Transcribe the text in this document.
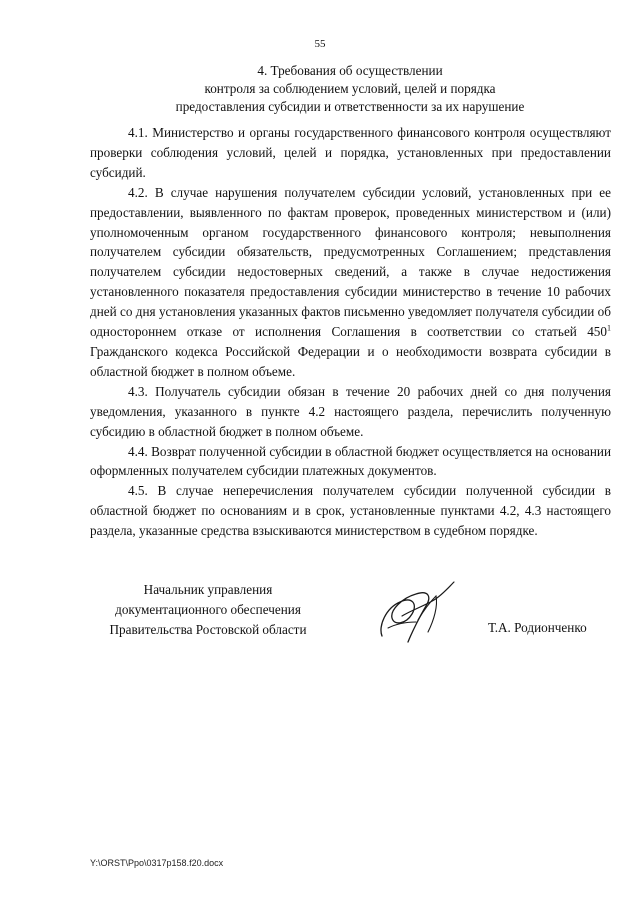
55
4. Требования об осуществлении
контроля за соблюдением условий, целей и порядка
предоставления субсидии и ответственности за их нарушение

4.1. Министерство и органы государственного финансового контроля осуществляют проверки соблюдения условий, целей и порядка, установленных при предоставлении субсидий.

4.2. В случае нарушения получателем субсидии условий, установленных при ее предоставлении, выявленного по фактам проверок, проведенных министерством и (или) уполномоченным органом государственного финансового контроля; невыполнения получателем субсидии обязательств, предусмотренных Соглашением; представления получателем субсидии недостоверных сведений, а также в случае недостижения установленного показателя предоставления субсидии министерство в течение 10 рабочих дней со дня установления указанных фактов письменно уведомляет получателя субсидии об одностороннем отказе от исполнения Соглашения в соответствии со статьей $450^1$ Гражданского кодекса Российской Федерации и о необходимости возврата субсидии в областной бюджет в полном объеме.

4.3. Получатель субсидии обязан в течение 20 рабочих дней со дня получения уведомления, указанного в пункте 4.2 настоящего раздела, перечислить полученную субсидию в областной бюджет в полном объеме.

4.4. Возврат полученной субсидии в областной бюджет осуществляется на основании оформленных получателем субсидии платежных документов.

4.5. В случае неперечисления получателем субсидии полученной субсидии в областной бюджет по основаниям и в срок, установленные пунктами 4.2, 4.3 настоящего раздела, указанные средства взыскиваются министерством в судебном порядке.

Начальник управления
документационного обеспечения
Правительства Ростовской области	Т.А. Родионченко
Y:\ORST\Ppo\0317p158.f20.docx
